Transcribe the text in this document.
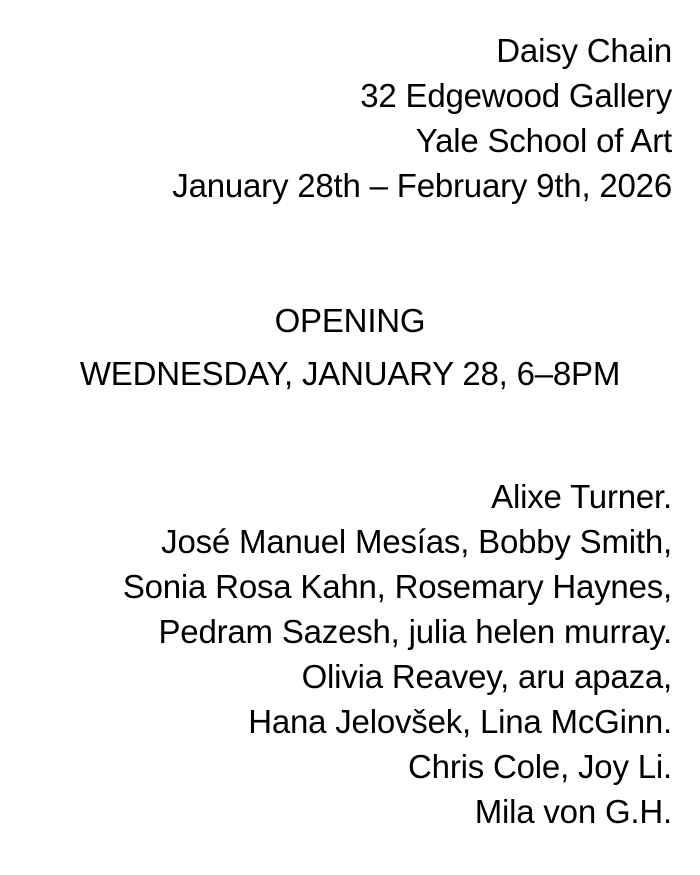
Daisy Chain
32 Edgewood Gallery
Yale School of Art
January 28th – February 9th, 2026
OPENING
WEDNESDAY, JANUARY 28, 6–8PM
Alixe Turner.
José Manuel Mesías, Bobby Smith,
Sonia Rosa Kahn, Rosemary Haynes,
Pedram Sazesh, julia helen murray.
Olivia Reavey, aru apaza,
Hana Jelovšek, Lina McGinn.
Chris Cole, Joy Li.
Mila von G.H.
